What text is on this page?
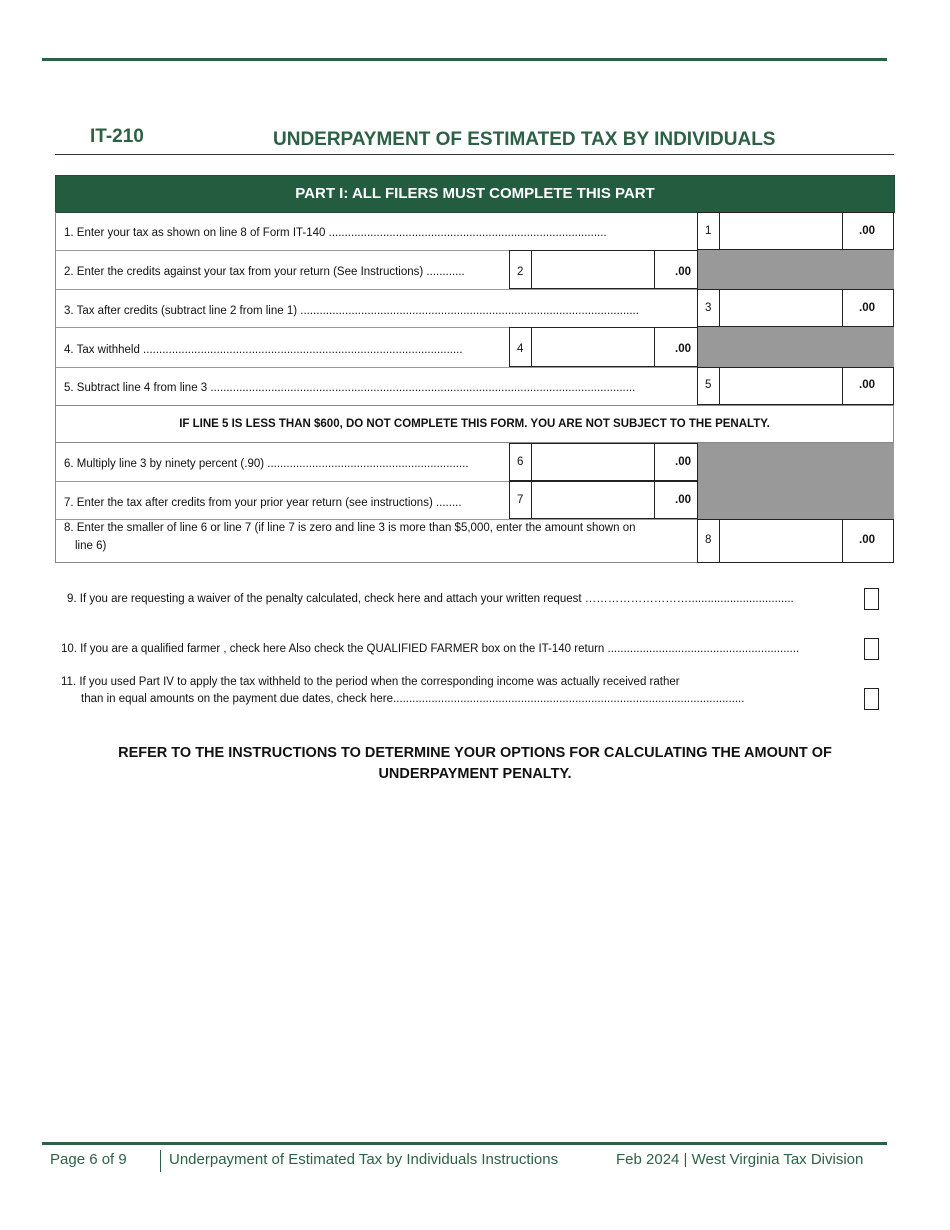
IT-210	UNDERPAYMENT OF ESTIMATED TAX BY INDIVIDUALS
PART I: ALL FILERS MUST COMPLETE THIS PART
1. Enter your tax as shown on line 8 of Form IT-140 .......................................................................................	1	.00
2. Enter the credits against your tax from your return (See Instructions) ............	2	.00
3. Tax after credits (subtract line 2 from line 1) ..........................................................................................................	3	.00
4. Tax withheld ....................................................................................................	4	.00
5. Subtract line 4 from line 3 .....................................................................................................................................	5	.00
IF LINE 5 IS LESS THAN $600, DO NOT COMPLETE THIS FORM. YOU ARE NOT SUBJECT TO THE PENALTY.
6. Multiply line 3 by ninety percent (.90) ...............................................................	6	.00
7. Enter the tax after credits from your prior year return (see instructions) ........	7	.00
8. Enter the smaller of line 6 or line 7 (if line 7 is zero and line 3 is more than $5,000, enter the amount shown on
line 6)	8	.00
9. If you are requesting a waiver of the penalty calculated, check here and attach your written request ……………………….................................
10. If you are a qualified farmer , check here Also check the QUALIFIED FARMER box on the IT-140 return ............................................................
11. If you used Part IV to apply the tax withheld to the period when the corresponding income was actually received rather
than in equal amounts on the payment due dates, check here..............................................................................................................
REFER TO THE INSTRUCTIONS TO DETERMINE YOUR OPTIONS FOR CALCULATING THE AMOUNT OF UNDERPAYMENT PENALTY.
Page 6 of 9	Underpayment of Estimated Tax by Individuals Instructions	Feb 2024 | West Virginia Tax Division
